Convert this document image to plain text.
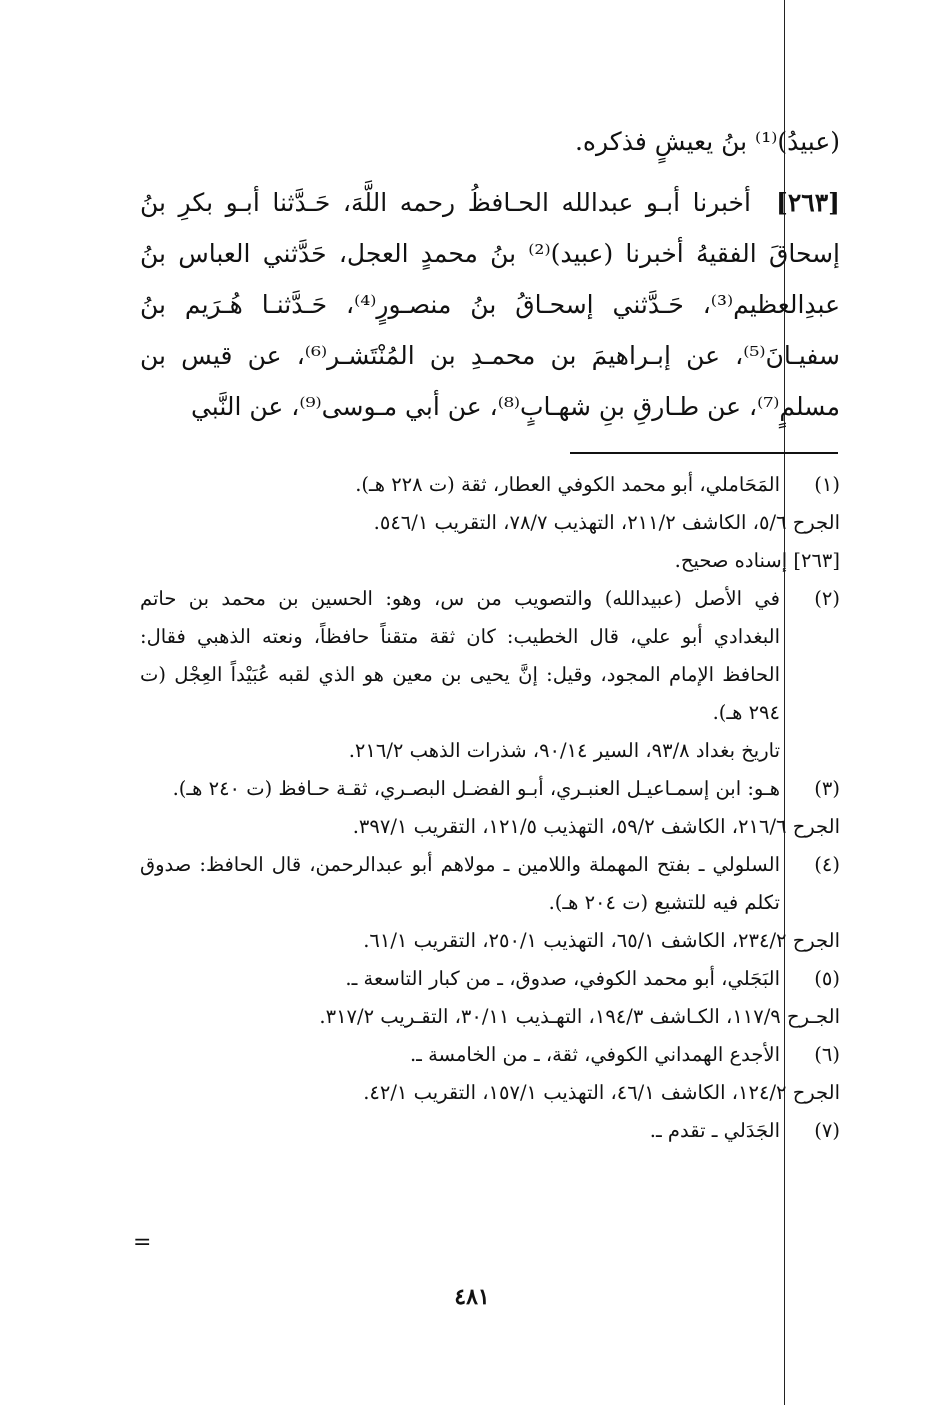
(عبيدُ)⁽¹⁾ بنُ يعيشٍ فذكره.

[٢٦٣]  أخبرنا أبـو عبدالله الحـافظُ رحمه اللَّهَ، حَـدَّثنا أبـو بكرِ بنُ إسحاقَ الفقيهُ أخبرنا (عبيد)⁽²⁾ بنُ محمدٍ العجل، حَدَّثني العباس بنُ عبدِالعظيم⁽³⁾، حَـدَّثني إسحـاقُ بنُ منصـورٍ⁽⁴⁾، حَـدَّثنـا هُـرَيم بنُ سفيـانَ⁽⁵⁾، عن إبـراهيمَ بن محمـدِ بن المُنْتَشـر⁽⁶⁾، عن قيس بن مسلمٍ⁽⁷⁾، عن طـارقِ بنِ شهـابٍ⁽⁸⁾، عن أبي مـوسى⁽⁹⁾، عن النَّبي

(١)
المَحَاملي، أبو محمد الكوفي العطار، ثقة (ت ٢٢٨ هـ).
الجرح ٥/٦، الكاشف ٢١١/٢، التهذيب ٧٨/٧، التقريب ٥٤٦/١.
[٢٦٣] إسناده صحيح.
(٢)
في الأصل (عبيدالله) والتصويب من س، وهو: الحسين بن محمد بن حاتم البغدادي أبو علي، قال الخطيب: كان ثقة متقناً حافظاً، ونعته الذهبي فقال: الحافظ الإمام المجود، وقيل: إنَّ يحيى بن معين هو الذي لقبه عُبَيْداً العِجْل (ت ٢٩٤ هـ).
تاريخ بغداد ٩٣/٨، السير ٩٠/١٤، شذرات الذهب ٢١٦/٢.
(٣)
هـو: ابن إسمـاعيـل العنبـري، أبـو الفضـل البصـري، ثقـة حـافظ (ت ٢٤٠ هـ).
الجرح ٢١٦/٦، الكاشف ٥٩/٢، التهذيب ١٢١/٥، التقريب ٣٩٧/١.
(٤)
السلولي ـ بفتح المهملة واللامين ـ مولاهم أبو عبدالرحمن، قال الحافظ: صدوق تكلم فيه للتشيع (ت ٢٠٤ هـ).
الجرح ٢٣٤/٢، الكاشف ٦٥/١، التهذيب ٢٥٠/١، التقريب ٦١/١.
(٥)
البَجَلي، أبو محمد الكوفي، صدوق، ـ من كبار التاسعة ـ.
الجـرح ١١٧/٩، الكـاشف ١٩٤/٣، التهـذيب ٣٠/١١، التقـريب ٣١٧/٢.
(٦)
الأجدع الهمداني الكوفي، ثقة، ـ من الخامسة ـ.
الجرح ١٢٤/٢، الكاشف ٤٦/١، التهذيب ١٥٧/١، التقريب ٤٢/١.
(٧)
الجَدَلي ـ تقدم ـ.
=
٤٨١
